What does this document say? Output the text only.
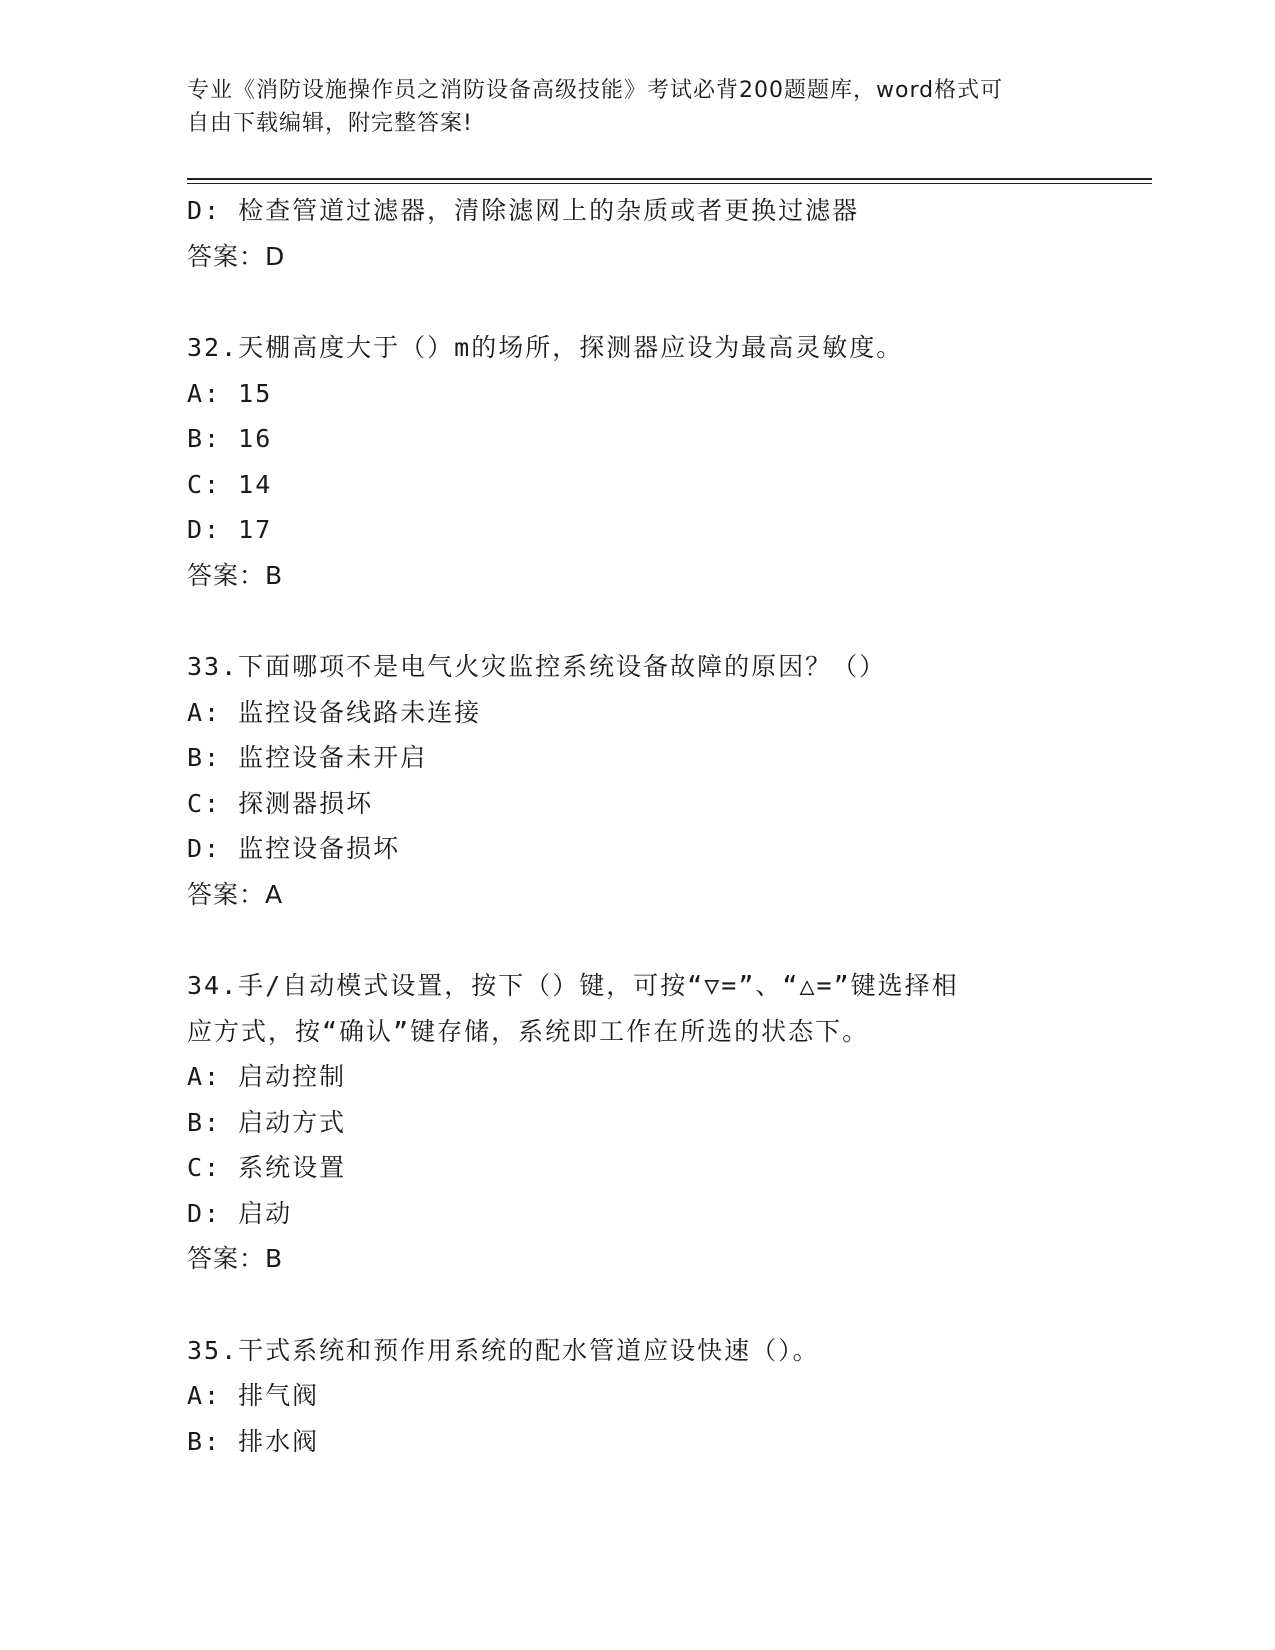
专业《消防设施操作员之消防设备高级技能》考试必背200题题库，word格式可
自由下载编辑，附完整答案!
D: 检查管道过滤器，清除滤网上的杂质或者更换过滤器
答案：D
32.天棚高度大于（）m的场所，探测器应设为最高灵敏度。
A: 15
B: 16
C: 14
D: 17
答案：B
33.下面哪项不是电气火灾监控系统设备故障的原因？（）
A: 监控设备线路未连接
B: 监控设备未开启
C: 探测器损坏
D: 监控设备损坏
答案：A
34.手/自动模式设置，按下（）键，可按“▽=”、“△=”键选择相
应方式，按“确认”键存储，系统即工作在所选的状态下。
A: 启动控制
B: 启动方式
C: 系统设置
D: 启动
答案：B
35.干式系统和预作用系统的配水管道应设快速（）。
A: 排气阀
B: 排水阀
